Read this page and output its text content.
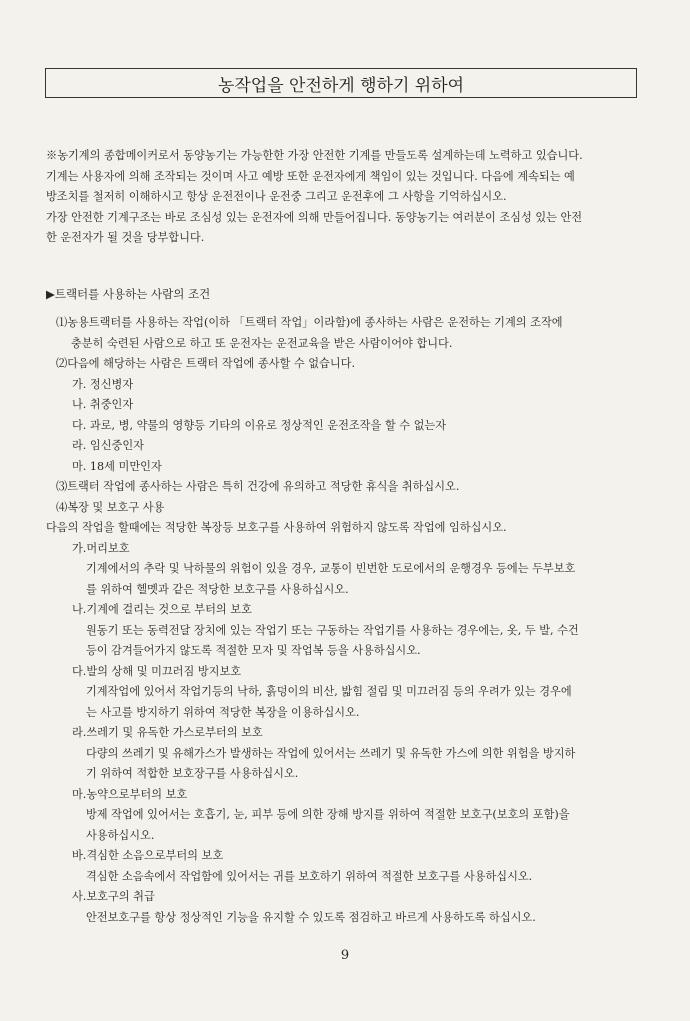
농작업을 안전하게 행하기 위하여

※농기계의 종합메이커로서 동양농기는 가능한한 가장 안전한 기계를 만들도록 설계하는데 노력하고 있습니다.

기계는 사용자에 의해 조작되는 것이며 사고 예방 또한 운전자에게 책임이 있는 것입니다. 다음에 계속되는 예

방조치를 철저히 이해하시고 항상 운전전이나 운전중 그리고 운전후에 그 사항을 기억하십시오.

가장 안전한 기계구조는 바로 조심성 있는 운전자에 의해 만들어집니다. 동양농기는 여러분이 조심성 있는 안전

한 운전자가 될 것을 당부합니다.

▶트랙터를 사용하는 사람의 조건

⑴농용트랙터를 사용하는 작업(이하 「트랙터 작업」이라함)에 종사하는 사람은 운전하는 기계의 조작에

충분히 숙련된 사람으로 하고 또 운전자는 운전교육을 받은 사람이어야 합니다.

⑵다음에 해당하는 사람은 트랙터 작업에 종사할 수 없습니다.

가. 정신병자

나. 취중인자

다. 과로, 병, 약물의 영향등 기타의 이유로 정상적인 운전조작을 할 수 없는자

라. 임신중인자

마. 18세 미만인자

⑶트랙터 작업에 종사하는 사람은 특히 건강에 유의하고 적당한 휴식을 취하십시오.

⑷복장 및 보호구 사용

다음의 작업을 할때에는 적당한 복장등 보호구를 사용하여 위험하지 않도록 작업에 임하십시오.

가.머리보호

기계에서의 추락 및 낙하물의 위험이 있을 경우, 교통이 빈번한 도로에서의 운행경우 등에는 두부보호

를 위하여 헬멧과 같은 적당한 보호구를 사용하십시오.

나.기계에 걸리는 것으로 부터의 보호

원동기 또는 동력전달 장치에 있는 작업기 또는 구동하는 작업기를 사용하는 경우에는, 옷, 두 발, 수건

등이 감겨들어가지 않도록 적절한 모자 및 작업복 등을 사용하십시오.

다.발의 상해 및 미끄러짐 방지보호

기계작업에 있어서 작업기등의 낙하, 흙덩이의 비산, 밟힘 절림 및 미끄러짐 등의 우려가 있는 경우에

는 사고를 방지하기 위하여 적당한 복장을 이용하십시오.

라.쓰레기 및 유독한 가스로부터의 보호

다량의 쓰레기 및 유해가스가 발생하는 작업에 있어서는 쓰레기 및 유독한 가스에 의한 위험을 방지하

기 위하여 적합한 보호장구를 사용하십시오.

마.농약으로부터의 보호

방제 작업에 있어서는 호흡기, 눈, 피부 등에 의한 장해 방지를 위하여 적절한 보호구(보호의 포함)을

사용하십시오.

바.격심한 소음으로부터의 보호

격심한 소음속에서 작업함에 있어서는 귀를 보호하기 위하여 적절한 보호구를 사용하십시오.

사.보호구의 취급

안전보호구를 항상 정상적인 기능을 유지할 수 있도록 점검하고 바르게 사용하도록 하십시오.

9
